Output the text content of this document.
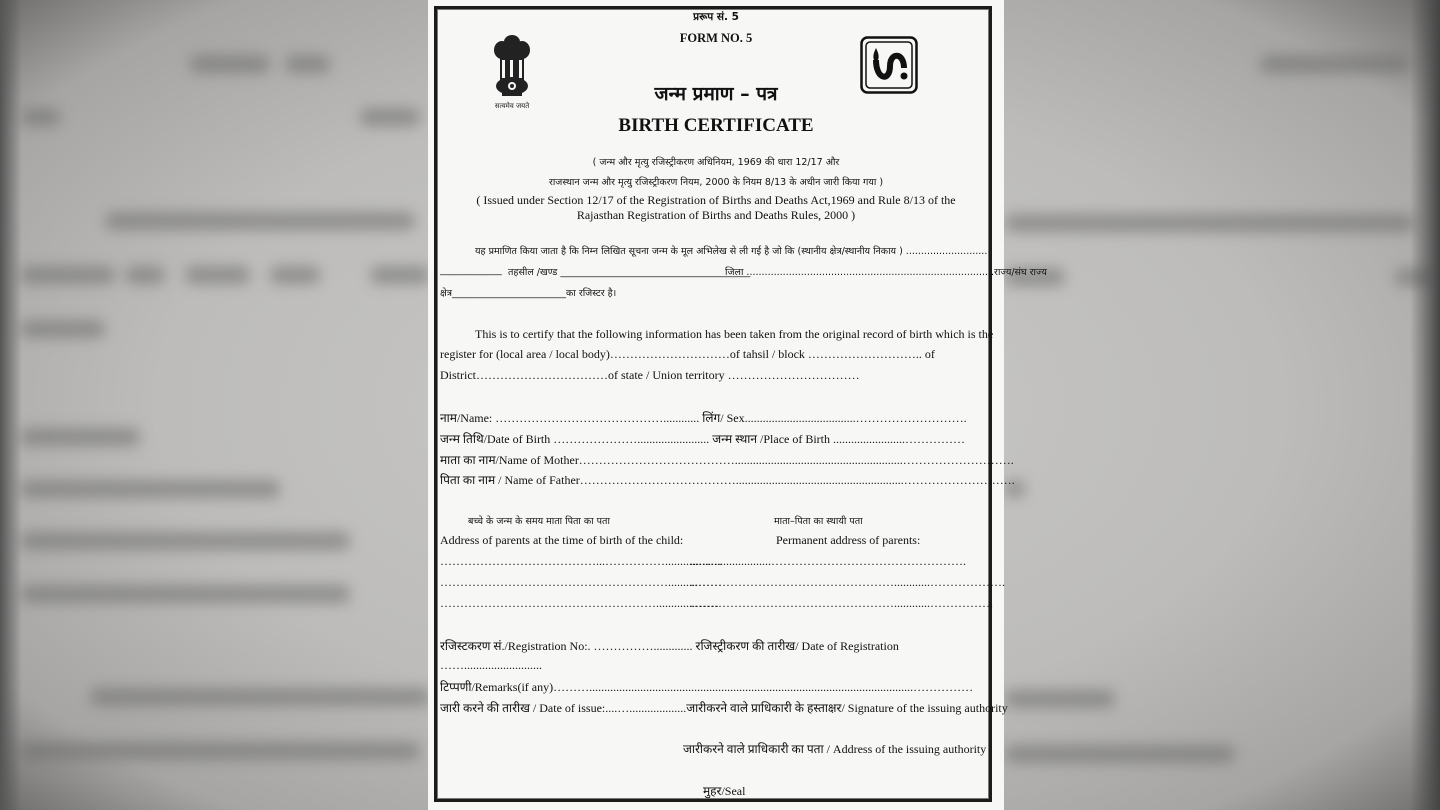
प्ररूप सं. 5
FORM NO. 5
सत्यमेव जयते
जन्म प्रमाण – पत्र
BIRTH CERTIFICATE
( जन्म और मृत्यु रजिस्ट्रीकरण अधिनियम, 1969 की धारा 12/17 और
राजस्थान जन्म और मृत्यु रजिस्ट्रीकरण नियम, 2000 के नियम 8/13 के अधीन जारी किया गया )
( Issued under Section 12/17 of the Registration of Births and Deaths Act,1969 and Rule 8/13 of the
Rajasthan Registration of Births and Deaths Rules, 2000 )
यह प्रमाणित किया जाता है कि निम्न लिखित सूचना जन्म के मूल अभिलेख से ली गई है जो कि (स्थानीय क्षेत्र/स्थानीय निकाय ) ...........................
_____________ तहसील /खण्ड ________________________________________
जिला ..................................................................................राज्य/संघ राज्य
क्षेत्र________________________का रजिस्टर है।
This is to certify that the following information has been taken from the original record of birth which is the
register for (local area / local body)…………………………of tahsil / block ……………………….. of
District……………………………of state / Union territory ……………………………
नाम/Name: ……………………………………............ लिंग/ Sex.....................................……………………….
जन्म तिथि/Date of Birth …………………........................ जन्म स्थान /Place of Birth ........................……………
माता का नाम/Name of Mother…………………………………........................................................……………………….
पिता का नाम / Name of Father…………………………………........................................................……………………….
बच्चे के जन्म के समय माता पिता का पता	माता–पिता का स्थायी पता
Address of parents at the time of birth of the child:	Permanent address of parents:
…………………………………...……………...........……
…………………………………………………..........……
……………………………………………….............……
...........................………………………………………….
……………………………………………............……………….
……………………………………………............…………….
रजिस्टकरण सं./Registration No:. ……………............. रजिस्ट्रीकरण की तारीख/ Date of Registration
……..........................
टिप्पणी/Remarks(if any)………............................................................................................................……………
जारी करने की तारीख / Date of issue:....…...................जारीकरने वाले प्राधिकारी के हस्ताक्षर/ Signature of the issuing authority
जारीकरने वाले प्राधिकारी का पता / Address of the issuing authority
मुहर/Seal
